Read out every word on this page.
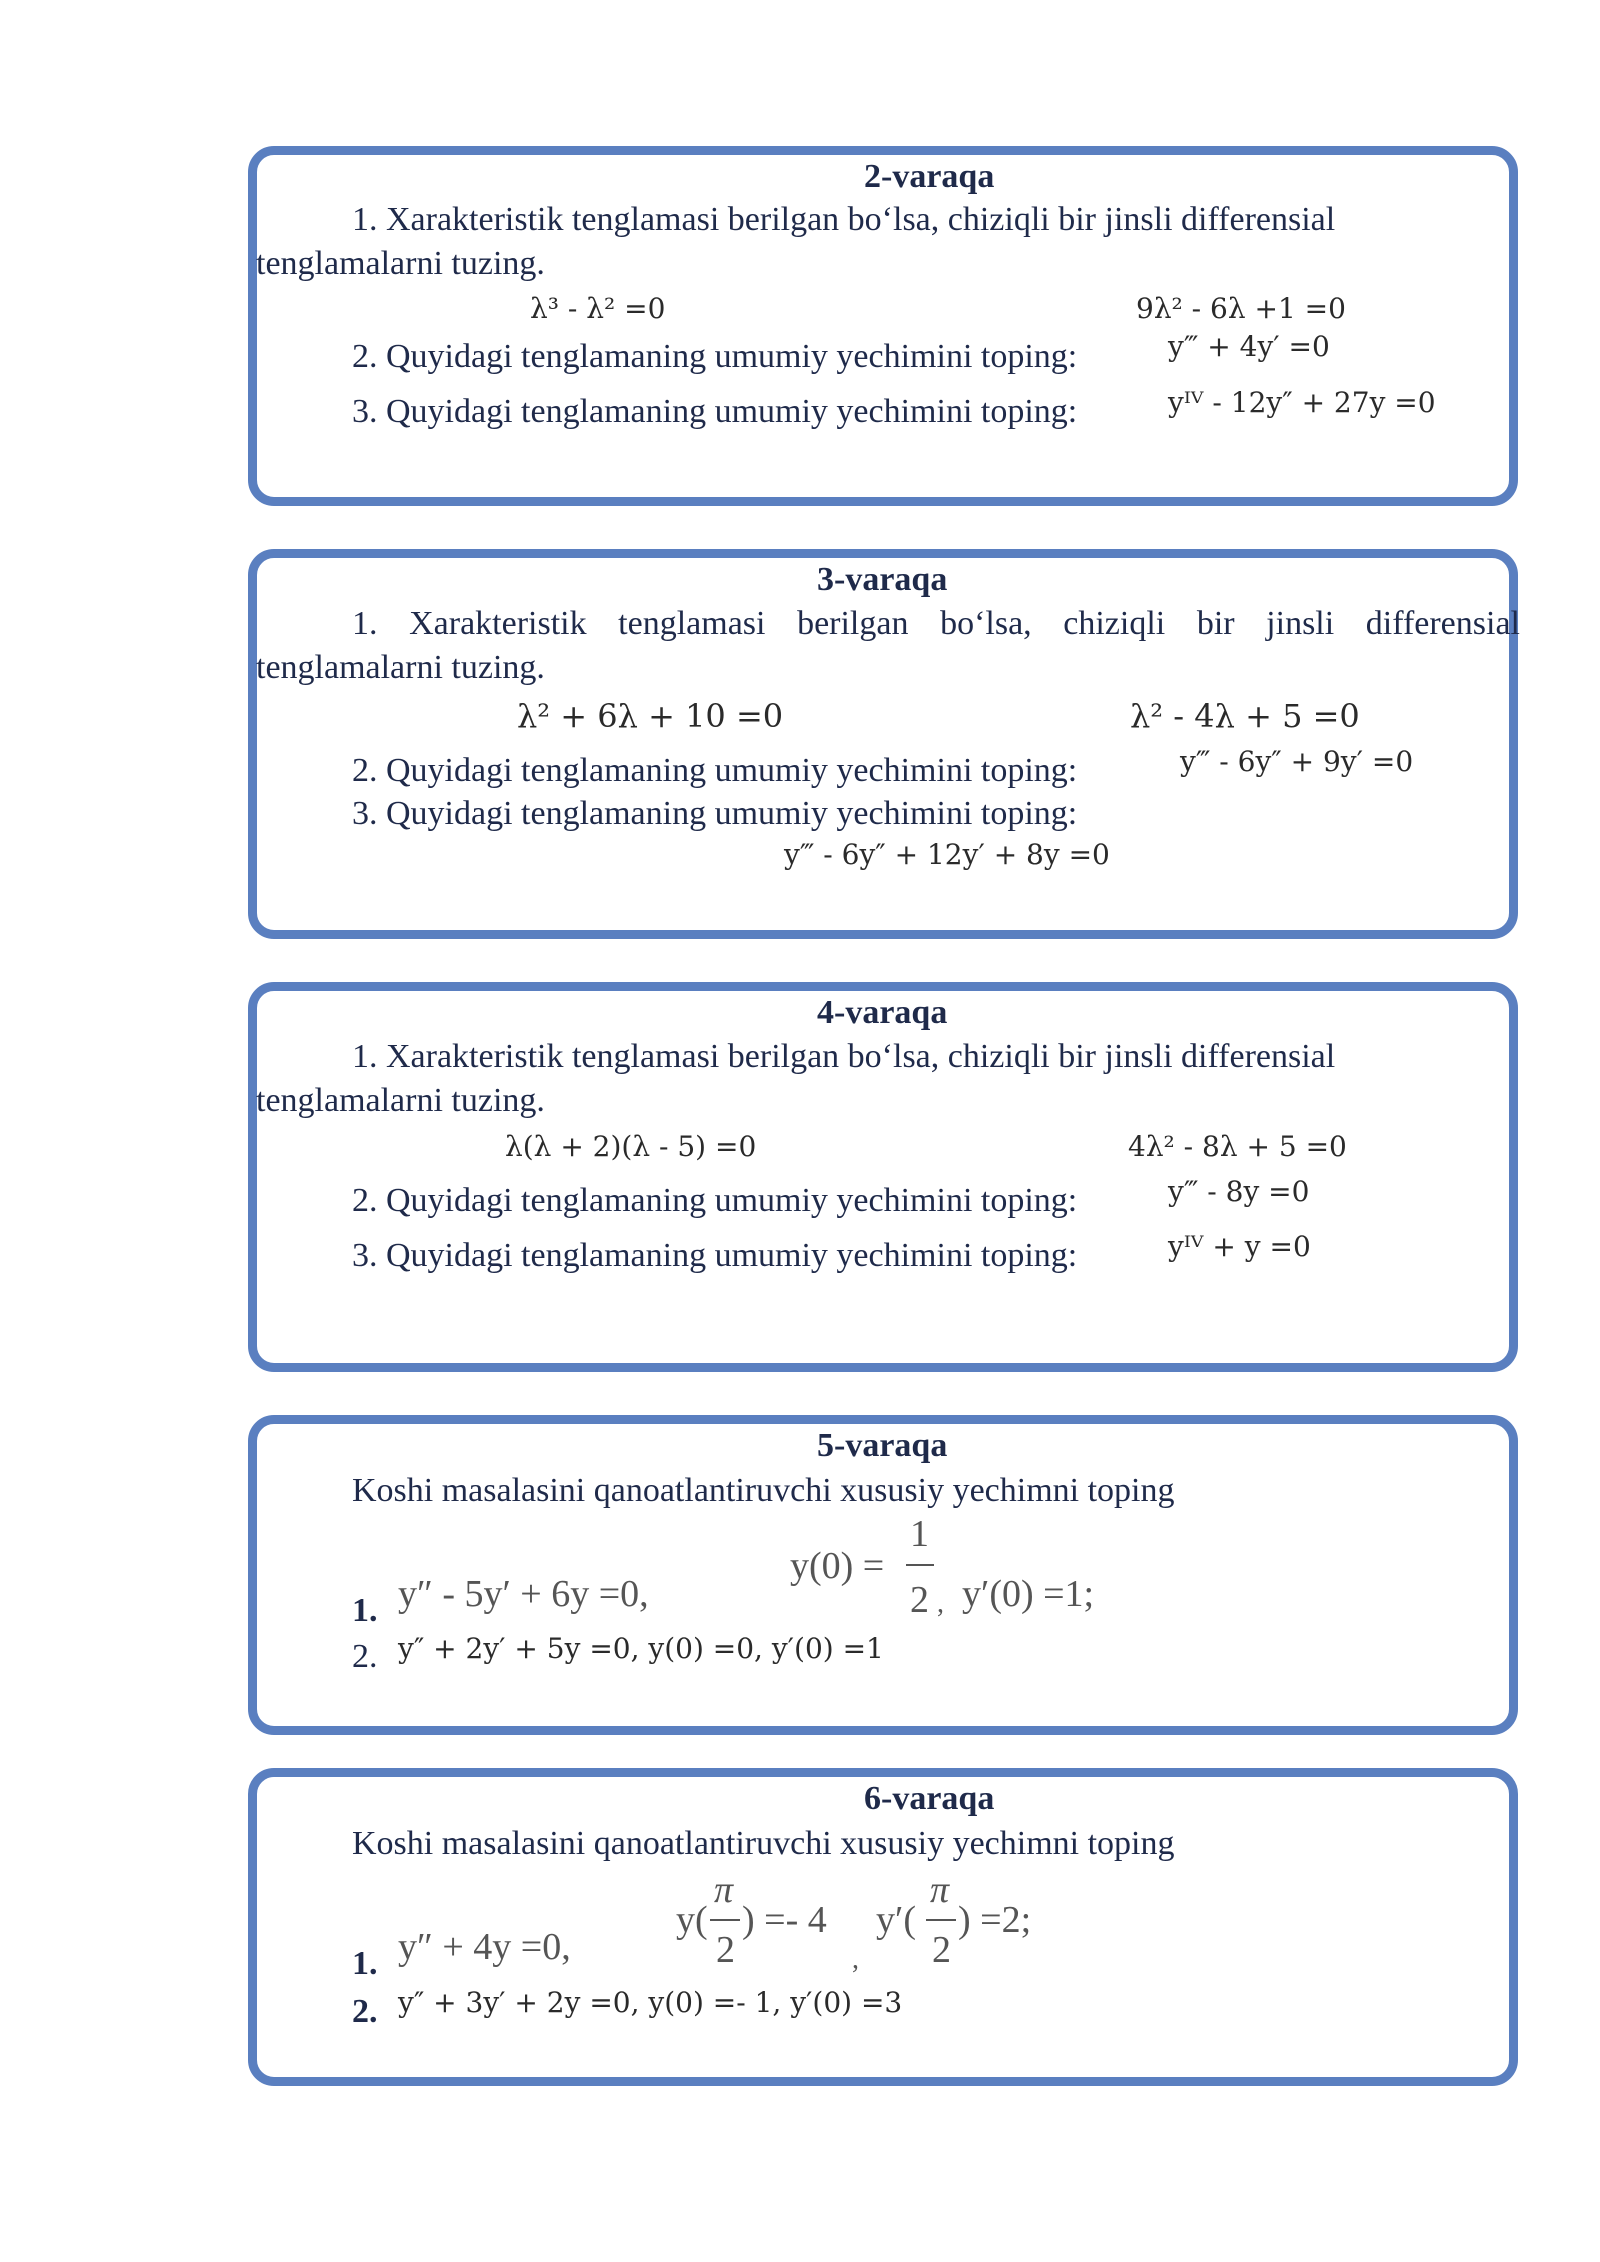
2-varaqa
1. Xarakteristik tenglamasi berilgan bo‘lsa, chiziqli bir jinsli differensial
tenglamalarni tuzing.
λ³ - λ² =0	9λ² - 6λ +1 =0
2. Quyidagi tenglamaning umumiy yechimini toping:	y‴ + 4y′ =0
3. Quyidagi tenglamaning umumiy yechimini toping:	yᴵⱽ - 12y″ + 27y =0
3-varaqa
1. Xarakteristik tenglamasi berilgan bo‘lsa, chiziqli bir jinsli differensial
tenglamalarni tuzing.
λ² + 6λ + 10 =0	λ² - 4λ + 5 =0
2. Quyidagi tenglamaning umumiy yechimini toping:	y‴ - 6y″ + 9y′ =0
3. Quyidagi tenglamaning umumiy yechimini toping:
y‴ - 6y″ + 12y′ + 8y =0
4-varaqa
1. Xarakteristik tenglamasi berilgan bo‘lsa, chiziqli bir jinsli differensial
tenglamalarni tuzing.
λ(λ + 2)(λ - 5) =0	4λ² - 8λ + 5 =0
2. Quyidagi tenglamaning umumiy yechimini toping:	y‴ - 8y =0
3. Quyidagi tenglamaning umumiy yechimini toping:	yᴵⱽ + y =0
5-varaqa
Koshi masalasini qanoatlantiruvchi xususiy yechimni toping
1. y″ - 5y′ + 6y =0,
y(0) =
1
2 , y′(0) =1;
2. y″ + 2y′ + 5y =0, y(0) =0, y′(0) =1
6-varaqa
Koshi masalasini qanoatlantiruvchi xususiy yechimni toping
1. y″ + 4y =0,
y(
π
2
) =- 4
,
y′(
π
2
) =2;
2. y″ + 3y′ + 2y =0, y(0) =- 1, y′(0) =3
